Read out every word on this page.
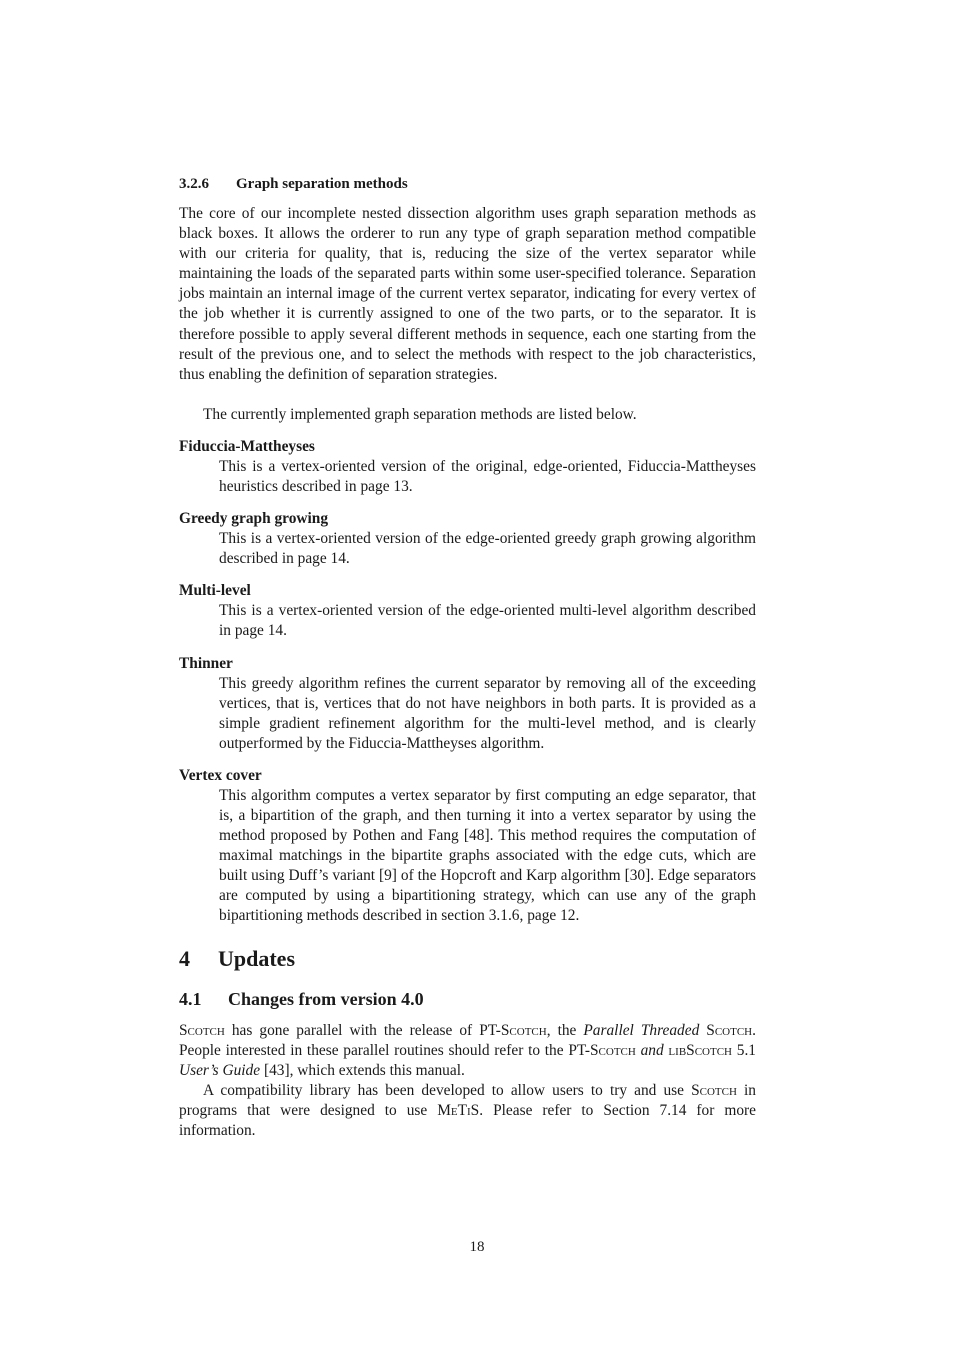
3.2.6 Graph separation methods

The core of our incomplete nested dissection algorithm uses graph separation methods as black boxes. It allows the orderer to run any type of graph separation method compatible with our criteria for quality, that is, reducing the size of the vertex separator while maintaining the loads of the separated parts within some user-specified tolerance. Separation jobs maintain an internal image of the current vertex separator, indicating for every vertex of the job whether it is currently assigned to one of the two parts, or to the separator. It is therefore possible to apply several different methods in sequence, each one starting from the result of the previous one, and to select the methods with respect to the job characteristics, thus enabling the definition of separation strategies.

The currently implemented graph separation methods are listed below.

Fiduccia-Mattheyses
This is a vertex-oriented version of the original, edge-oriented, Fiduccia-Mattheyses heuristics described in page 13.
Greedy graph growing
This is a vertex-oriented version of the edge-oriented greedy graph growing algorithm described in page 14.
Multi-level
This is a vertex-oriented version of the edge-oriented multi-level algorithm described in page 14.
Thinner
This greedy algorithm refines the current separator by removing all of the exceeding vertices, that is, vertices that do not have neighbors in both parts. It is provided as a simple gradient refinement algorithm for the multi-level method, and is clearly outperformed by the Fiduccia-Mattheyses algorithm.
Vertex cover
This algorithm computes a vertex separator by first computing an edge separator, that is, a bipartition of the graph, and then turning it into a vertex separator by using the method proposed by Pothen and Fang [48]. This method requires the computation of maximal matchings in the bipartite graphs associated with the edge cuts, which are built using Duff’s variant [9] of the Hopcroft and Karp algorithm [30]. Edge separators are computed by using a bipartitioning strategy, which can use any of the graph bipartitioning methods described in section 3.1.6, page 12.
4 Updates
4.1 Changes from version 4.0

Scotch has gone parallel with the release of PT-Scotch, the Parallel Threaded Scotch. People interested in these parallel routines should refer to the PT-Scotch and libScotch 5.1 User’s Guide [43], which extends this manual.

A compatibility library has been developed to allow users to try and use Scotch in programs that were designed to use MeTiS. Please refer to Section 7.14 for more information.

18
